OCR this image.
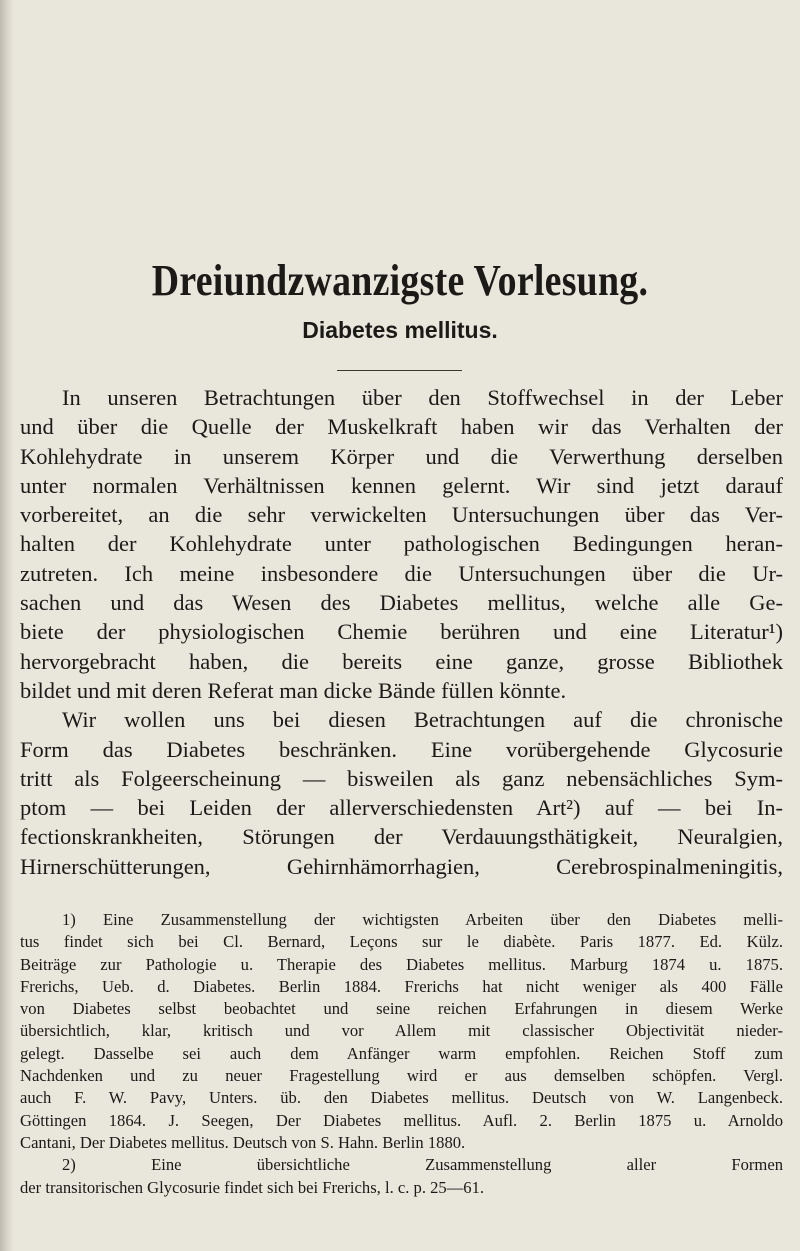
Dreiundzwanzigste Vorlesung.
Diabetes mellitus.
In unseren Betrachtungen über den Stoffwechsel in der Leber
und über die Quelle der Muskelkraft haben wir das Verhalten der
Kohlehydrate in unserem Körper und die Verwerthung derselben
unter normalen Verhältnissen kennen gelernt. Wir sind jetzt darauf
vorbereitet, an die sehr verwickelten Untersuchungen über das Ver-
halten der Kohlehydrate unter pathologischen Bedingungen heran-
zutreten. Ich meine insbesondere die Untersuchungen über die Ur-
sachen und das Wesen des Diabetes mellitus, welche alle Ge-
biete der physiologischen Chemie berühren und eine Literatur¹)
hervorgebracht haben, die bereits eine ganze, grosse Bibliothek
bildet und mit deren Referat man dicke Bände füllen könnte.
Wir wollen uns bei diesen Betrachtungen auf die chronische
Form das Diabetes beschränken. Eine vorübergehende Glycosurie
tritt als Folgeerscheinung — bisweilen als ganz nebensächliches Sym-
ptom — bei Leiden der allerverschiedensten Art²) auf — bei In-
fectionskrankheiten, Störungen der Verdauungsthätigkeit, Neuralgien,
Hirnerschütterungen, Gehirnhämorrhagien, Cerebrospinalmeningitis,
1) Eine Zusammenstellung der wichtigsten Arbeiten über den Diabetes melli-
tus findet sich bei Cl. Bernard, Leçons sur le diabète. Paris 1877. Ed. Külz.
Beiträge zur Pathologie u. Therapie des Diabetes mellitus. Marburg 1874 u. 1875.
Frerichs, Ueb. d. Diabetes. Berlin 1884. Frerichs hat nicht weniger als 400 Fälle
von Diabetes selbst beobachtet und seine reichen Erfahrungen in diesem Werke
übersichtlich, klar, kritisch und vor Allem mit classischer Objectivität nieder-
gelegt. Dasselbe sei auch dem Anfänger warm empfohlen. Reichen Stoff zum
Nachdenken und zu neuer Fragestellung wird er aus demselben schöpfen. Vergl.
auch F. W. Pavy, Unters. üb. den Diabetes mellitus. Deutsch von W. Langenbeck.
Göttingen 1864. J. Seegen, Der Diabetes mellitus. Aufl. 2. Berlin 1875 u. Arnoldo
Cantani, Der Diabetes mellitus. Deutsch von S. Hahn. Berlin 1880.
2) Eine übersichtliche Zusammenstellung aller Formen
der transitorischen Glycosurie findet sich bei Frerichs, l. c. p. 25—61.
